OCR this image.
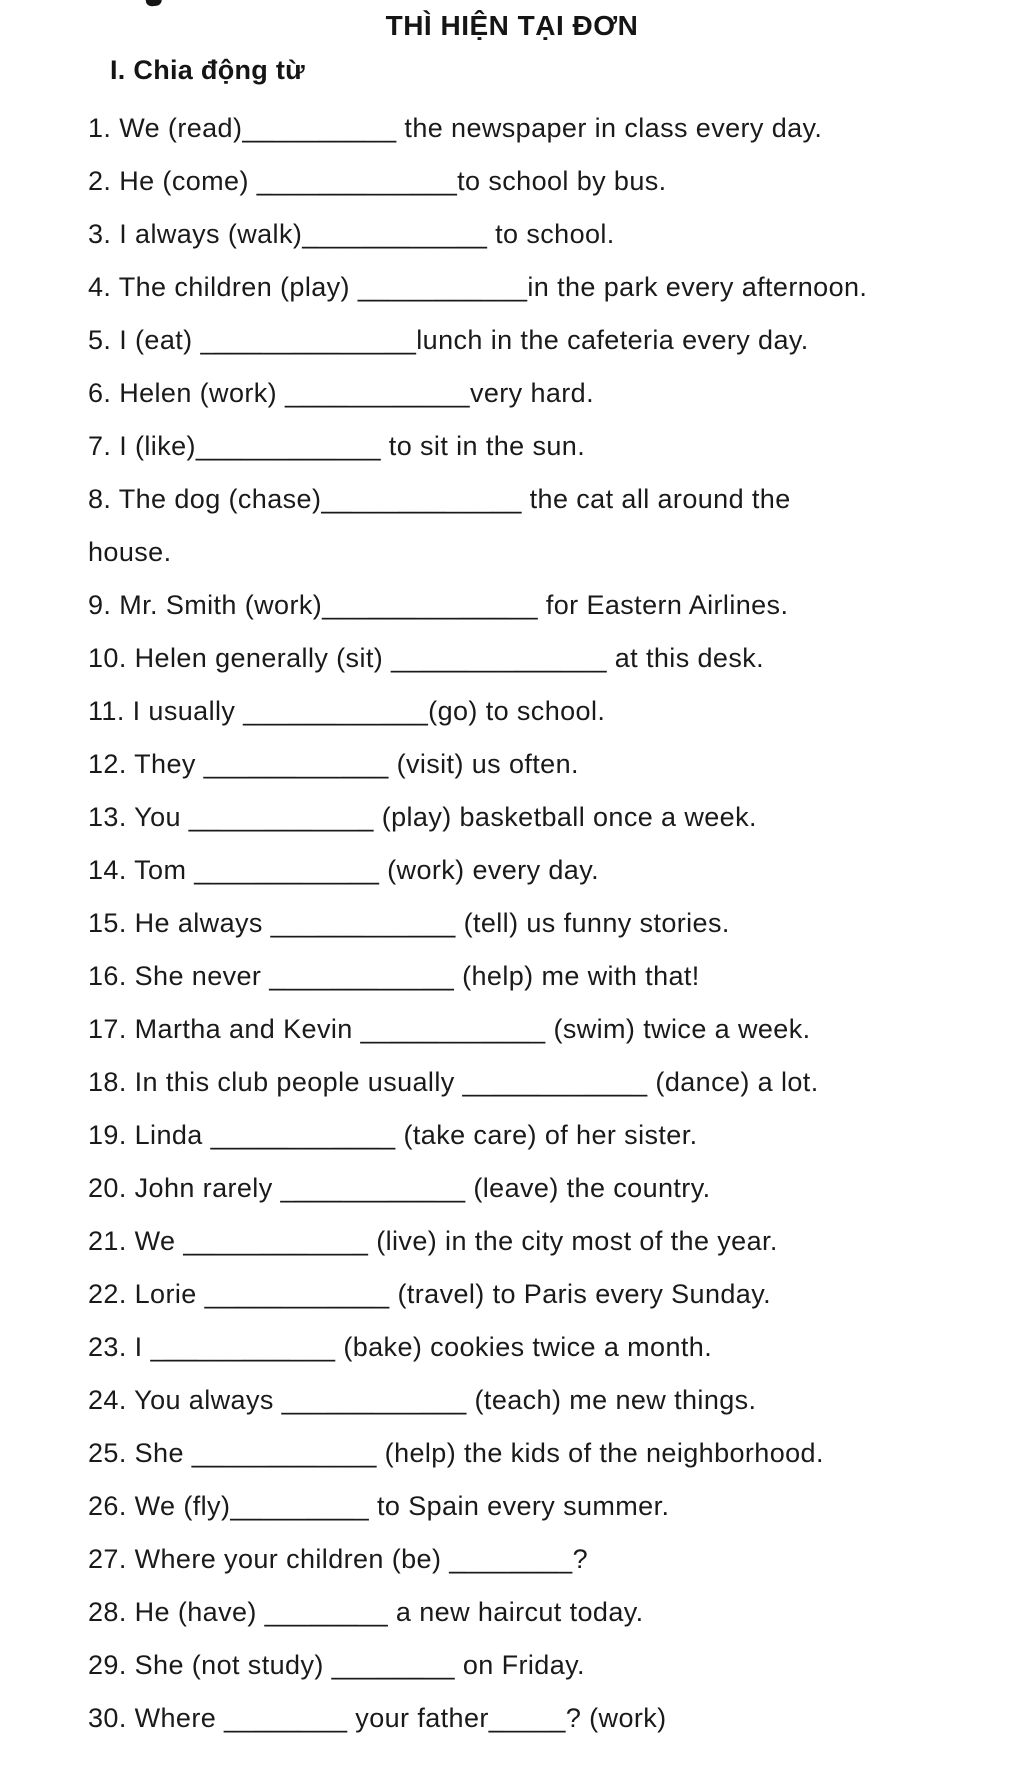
THÌ HIỆN TẠI ĐƠN
I. Chia động từ
1. We (read)__________ the newspaper in class every day.
2. He (come) _____________to school by bus.
3. I always (walk)____________ to school.
4. The children (play) ___________in the park every afternoon.
5. I (eat) ______________lunch in the cafeteria every day.
6. Helen (work) ____________very hard.
7. I (like)____________ to sit in the sun.
8. The dog (chase)_____________ the cat all around the
house.
9. Mr. Smith (work)______________ for Eastern Airlines.
10. Helen generally (sit) ______________ at this desk.
11. I usually ____________(go) to school.
12. They ____________ (visit) us often.
13. You ____________ (play) basketball once a week.
14. Tom ____________ (work) every day.
15. He always ____________ (tell) us funny stories.
16. She never ____________ (help) me with that!
17. Martha and Kevin ____________ (swim) twice a week.
18. In this club people usually ____________ (dance) a lot.
19. Linda ____________ (take care) of her sister.
20. John rarely ____________ (leave) the country.
21. We ____________ (live) in the city most of the year.
22. Lorie ____________ (travel) to Paris every Sunday.
23. I ____________ (bake) cookies twice a month.
24. You always ____________ (teach) me new things.
25. She ____________ (help) the kids of the neighborhood.
26. We (fly)_________ to Spain every summer.
27. Where your children (be) ________?
28. He (have) ________ a new haircut today.
29. She (not study) ________ on Friday.
30. Where ________ your father_____? (work)
